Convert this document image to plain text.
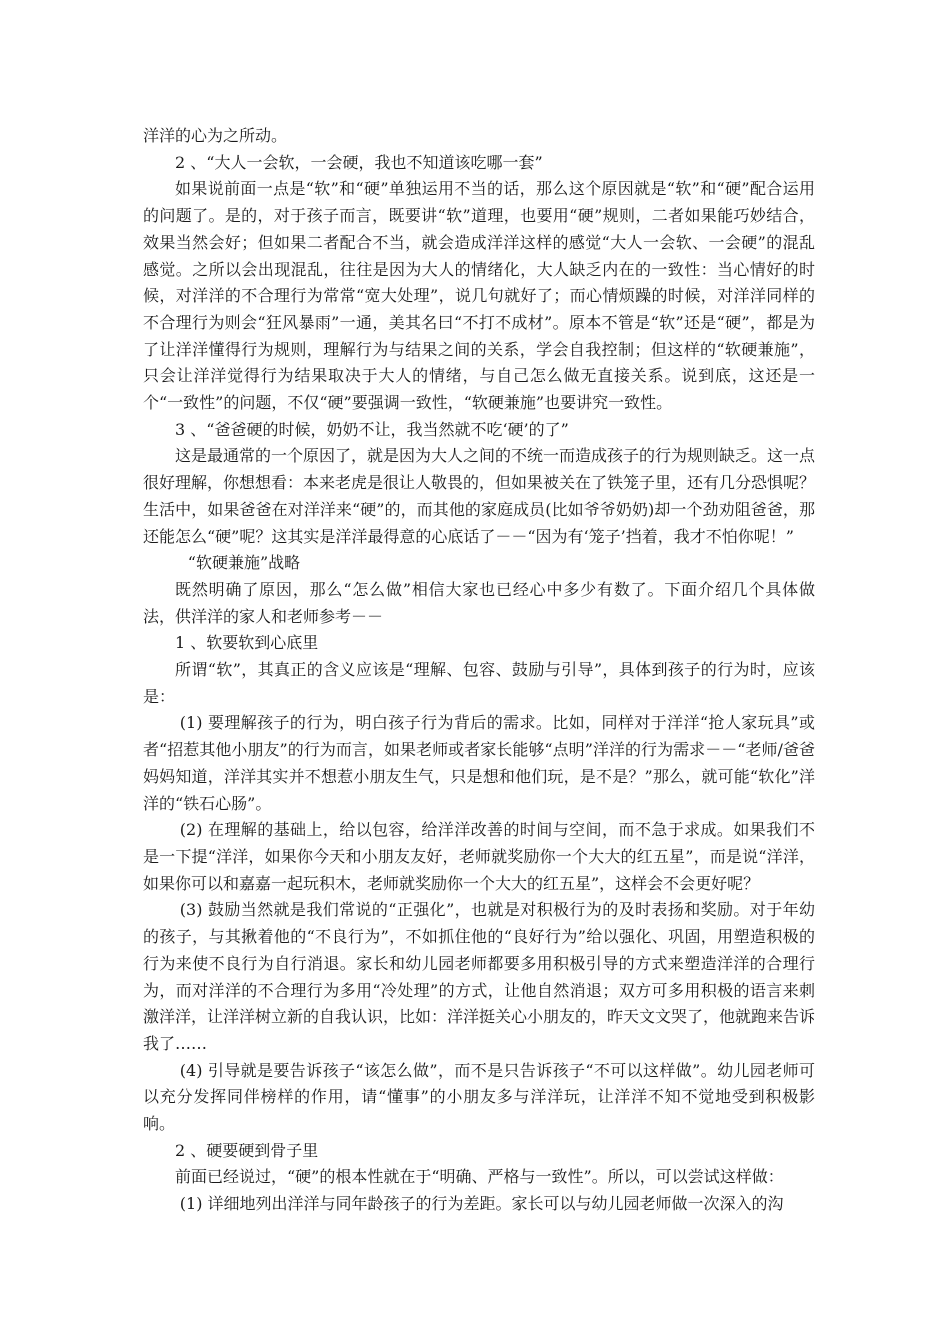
洋洋的心为之所动。

2 、“大人一会软，一会硬，我也不知道该吃哪一套”

如果说前面一点是“软”和“硬”单独运用不当的话，那么这个原因就是“软”和“硬”配合运用的问题了。是的，对于孩子而言，既要讲“软”道理，也要用“硬”规则，二者如果能巧妙结合，效果当然会好；但如果二者配合不当，就会造成洋洋这样的感觉“大人一会软、一会硬”的混乱感觉。之所以会出现混乱，往往是因为大人的情绪化，大人缺乏内在的一致性：当心情好的时候，对洋洋的不合理行为常常“宽大处理”，说几句就好了；而心情烦躁的时候，对洋洋同样的不合理行为则会“狂风暴雨”一通，美其名曰“不打不成材”。原本不管是“软”还是“硬”，都是为了让洋洋懂得行为规则，理解行为与结果之间的关系，学会自我控制；但这样的“软硬兼施”，只会让洋洋觉得行为结果取决于大人的情绪，与自己怎么做无直接关系。说到底，这还是一个“一致性”的问题，不仅“硬”要强调一致性，“软硬兼施”也要讲究一致性。

3 、“爸爸硬的时候，奶奶不让，我当然就不吃‘硬’的了”

这是最通常的一个原因了，就是因为大人之间的不统一而造成孩子的行为规则缺乏。这一点很好理解，你想想看：本来老虎是很让人敬畏的，但如果被关在了铁笼子里，还有几分恐惧呢？生活中，如果爸爸在对洋洋来“硬”的，而其他的家庭成员(比如爷爷奶奶)却一个劲劝阻爸爸，那还能怎么“硬”呢？这其实是洋洋最得意的心底话了－－“因为有‘笼子’挡着，我才不怕你呢！”

“软硬兼施”战略

既然明确了原因，那么“怎么做”相信大家也已经心中多少有数了。下面介绍几个具体做法，供洋洋的家人和老师参考－－

1 、软要软到心底里

所谓“软”，其真正的含义应该是“理解、包容、鼓励与引导”，具体到孩子的行为时，应该是：

(1) 要理解孩子的行为，明白孩子行为背后的需求。比如，同样对于洋洋“抢人家玩具”或者“招惹其他小朋友”的行为而言，如果老师或者家长能够“点明”洋洋的行为需求－－“老师/爸爸妈妈知道，洋洋其实并不想惹小朋友生气，只是想和他们玩，是不是？”那么，就可能“软化”洋洋的“铁石心肠”。

(2) 在理解的基础上，给以包容，给洋洋改善的时间与空间，而不急于求成。如果我们不是一下提“洋洋，如果你今天和小朋友友好，老师就奖励你一个大大的红五星”，而是说“洋洋，如果你可以和嘉嘉一起玩积木，老师就奖励你一个大大的红五星”，这样会不会更好呢？

(3) 鼓励当然就是我们常说的“正强化”，也就是对积极行为的及时表扬和奖励。对于年幼的孩子，与其揪着他的“不良行为”，不如抓住他的“良好行为”给以强化、巩固，用塑造积极的行为来使不良行为自行消退。家长和幼儿园老师都要多用积极引导的方式来塑造洋洋的合理行为，而对洋洋的不合理行为多用“冷处理”的方式，让他自然消退；双方可多用积极的语言来刺激洋洋，让洋洋树立新的自我认识，比如：洋洋挺关心小朋友的，昨天文文哭了，他就跑来告诉我了……

(4) 引导就是要告诉孩子“该怎么做”，而不是只告诉孩子“不可以这样做”。幼儿园老师可以充分发挥同伴榜样的作用，请“懂事”的小朋友多与洋洋玩，让洋洋不知不觉地受到积极影响。

2 、硬要硬到骨子里

前面已经说过，“硬”的根本性就在于“明确、严格与一致性”。所以，可以尝试这样做：

(1) 详细地列出洋洋与同年龄孩子的行为差距。家长可以与幼儿园老师做一次深入的沟
